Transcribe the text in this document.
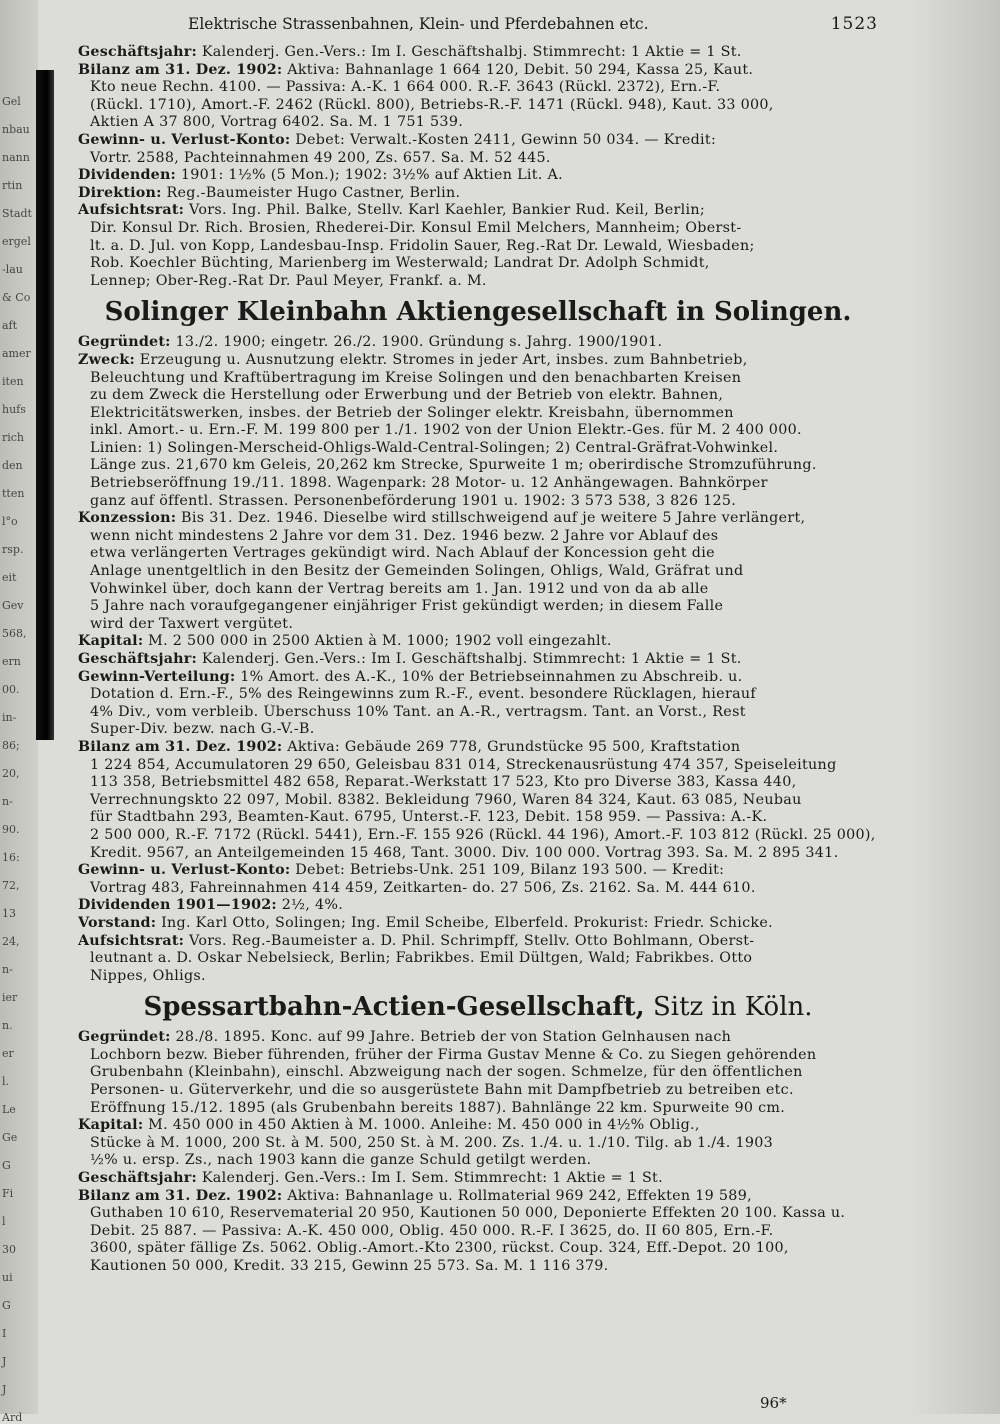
Gel
nbau
nann
rtin
Stadt
ergel
-lau
& Co
aft
amer
iten
hufs
rich
den
tten
l°o
rsp.
eit
Gev
568,
ern
00.
in-
86;
20,
n-
90.
16:
72,
13
24,
n-
ier
n.
er
l.
Le
Ge
G
Fi
l
30
ui
G
I
J
J
Ard
Elektrische Strassenbahnen, Klein- und Pferdebahnen etc.	1523
Geschäftsjahr: Kalenderj. Gen.-Vers.: Im I. Geschäftshalbj. Stimmrecht: 1 Aktie = 1 St.
Bilanz am 31. Dez. 1902: Aktiva: Bahnanlage 1 664 120, Debit. 50 294, Kassa 25, Kaut.
Kto neue Rechn. 4100. — Passiva: A.-K. 1 664 000. R.-F. 3643 (Rückl. 2372), Ern.-F.
(Rückl. 1710), Amort.-F. 2462 (Rückl. 800), Betriebs-R.-F. 1471 (Rückl. 948), Kaut. 33 000,
Aktien A 37 800, Vortrag 6402. Sa. M. 1 751 539.
Gewinn- u. Verlust-Konto: Debet: Verwalt.-Kosten 2411, Gewinn 50 034. — Kredit:
Vortr. 2588, Pachteinnahmen 49 200, Zs. 657. Sa. M. 52 445.
Dividenden: 1901: 1½% (5 Mon.); 1902: 3½% auf Aktien Lit. A.
Direktion: Reg.-Baumeister Hugo Castner, Berlin.
Aufsichtsrat: Vors. Ing. Phil. Balke, Stellv. Karl Kaehler, Bankier Rud. Keil, Berlin;
Dir. Konsul Dr. Rich. Brosien, Rhederei-Dir. Konsul Emil Melchers, Mannheim; Oberst-
lt. a. D. Jul. von Kopp, Landesbau-Insp. Fridolin Sauer, Reg.-Rat Dr. Lewald, Wiesbaden;
Rob. Koechler Büchting, Marienberg im Westerwald; Landrat Dr. Adolph Schmidt,
Lennep; Ober-Reg.-Rat Dr. Paul Meyer, Frankf. a. M.
Solinger Kleinbahn Aktiengesellschaft in Solingen.
Gegründet: 13./2. 1900; eingetr. 26./2. 1900. Gründung s. Jahrg. 1900/1901.
Zweck: Erzeugung u. Ausnutzung elektr. Stromes in jeder Art, insbes. zum Bahnbetrieb,
Beleuchtung und Kraftübertragung im Kreise Solingen und den benachbarten Kreisen
zu dem Zweck die Herstellung oder Erwerbung und der Betrieb von elektr. Bahnen,
Elektricitätswerken, insbes. der Betrieb der Solinger elektr. Kreisbahn, übernommen
inkl. Amort.- u. Ern.-F. M. 199 800 per 1./1. 1902 von der Union Elektr.-Ges. für M. 2 400 000.
Linien: 1) Solingen-Merscheid-Ohligs-Wald-Central-Solingen; 2) Central-Gräfrat-Vohwinkel.
Länge zus. 21,670 km Geleis, 20,262 km Strecke, Spurweite 1 m; oberirdische Stromzuführung.
Betriebseröffnung 19./11. 1898. Wagenpark: 28 Motor- u. 12 Anhängewagen. Bahnkörper
ganz auf öffentl. Strassen. Personenbeförderung 1901 u. 1902: 3 573 538, 3 826 125.
Konzession: Bis 31. Dez. 1946. Dieselbe wird stillschweigend auf je weitere 5 Jahre verlängert,
wenn nicht mindestens 2 Jahre vor dem 31. Dez. 1946 bezw. 2 Jahre vor Ablauf des
etwa verlängerten Vertrages gekündigt wird. Nach Ablauf der Koncession geht die
Anlage unentgeltlich in den Besitz der Gemeinden Solingen, Ohligs, Wald, Gräfrat und
Vohwinkel über, doch kann der Vertrag bereits am 1. Jan. 1912 und von da ab alle
5 Jahre nach voraufgegangener einjähriger Frist gekündigt werden; in diesem Falle
wird der Taxwert vergütet.
Kapital: M. 2 500 000 in 2500 Aktien à M. 1000; 1902 voll eingezahlt.
Geschäftsjahr: Kalenderj. Gen.-Vers.: Im I. Geschäftshalbj. Stimmrecht: 1 Aktie = 1 St.
Gewinn-Verteilung: 1% Amort. des A.-K., 10% der Betriebseinnahmen zu Abschreib. u.
Dotation d. Ern.-F., 5% des Reingewinns zum R.-F., event. besondere Rücklagen, hierauf
4% Div., vom verbleib. Überschuss 10% Tant. an A.-R., vertragsm. Tant. an Vorst., Rest
Super-Div. bezw. nach G.-V.-B.
Bilanz am 31. Dez. 1902: Aktiva: Gebäude 269 778, Grundstücke 95 500, Kraftstation
1 224 854, Accumulatoren 29 650, Geleisbau 831 014, Streckenausrüstung 474 357, Speiseleitung
113 358, Betriebsmittel 482 658, Reparat.-Werkstatt 17 523, Kto pro Diverse 383, Kassa 440,
Verrechnungskto 22 097, Mobil. 8382. Bekleidung 7960, Waren 84 324, Kaut. 63 085, Neubau
für Stadtbahn 293, Beamten-Kaut. 6795, Unterst.-F. 123, Debit. 158 959. — Passiva: A.-K.
2 500 000, R.-F. 7172 (Rückl. 5441), Ern.-F. 155 926 (Rückl. 44 196), Amort.-F. 103 812 (Rückl. 25 000),
Kredit. 9567, an Anteilgemeinden 15 468, Tant. 3000. Div. 100 000. Vortrag 393. Sa. M. 2 895 341.
Gewinn- u. Verlust-Konto: Debet: Betriebs-Unk. 251 109, Bilanz 193 500. — Kredit:
Vortrag 483, Fahreinnahmen 414 459, Zeitkarten- do. 27 506, Zs. 2162. Sa. M. 444 610.
Dividenden 1901—1902: 2½, 4%.
Vorstand: Ing. Karl Otto, Solingen; Ing. Emil Scheibe, Elberfeld. Prokurist: Friedr. Schicke.
Aufsichtsrat: Vors. Reg.-Baumeister a. D. Phil. Schrimpff, Stellv. Otto Bohlmann, Oberst-
leutnant a. D. Oskar Nebelsieck, Berlin; Fabrikbes. Emil Dültgen, Wald; Fabrikbes. Otto
Nippes, Ohligs.
Spessartbahn-Actien-Gesellschaft, Sitz in Köln.
Gegründet: 28./8. 1895. Konc. auf 99 Jahre. Betrieb der von Station Gelnhausen nach
Lochborn bezw. Bieber führenden, früher der Firma Gustav Menne & Co. zu Siegen gehörenden
Grubenbahn (Kleinbahn), einschl. Abzweigung nach der sogen. Schmelze, für den öffentlichen
Personen- u. Güterverkehr, und die so ausgerüstete Bahn mit Dampfbetrieb zu betreiben etc.
Eröffnung 15./12. 1895 (als Grubenbahn bereits 1887). Bahnlänge 22 km. Spurweite 90 cm.
Kapital: M. 450 000 in 450 Aktien à M. 1000. Anleihe: M. 450 000 in 4½% Oblig.,
Stücke à M. 1000, 200 St. à M. 500, 250 St. à M. 200. Zs. 1./4. u. 1./10. Tilg. ab 1./4. 1903
½% u. ersp. Zs., nach 1903 kann die ganze Schuld getilgt werden.
Geschäftsjahr: Kalenderj. Gen.-Vers.: Im I. Sem. Stimmrecht: 1 Aktie = 1 St.
Bilanz am 31. Dez. 1902: Aktiva: Bahnanlage u. Rollmaterial 969 242, Effekten 19 589,
Guthaben 10 610, Reservematerial 20 950, Kautionen 50 000, Deponierte Effekten 20 100. Kassa u.
Debit. 25 887. — Passiva: A.-K. 450 000, Oblig. 450 000. R.-F. I 3625, do. II 60 805, Ern.-F.
3600, später fällige Zs. 5062. Oblig.-Amort.-Kto 2300, rückst. Coup. 324, Eff.-Depot. 20 100,
Kautionen 50 000, Kredit. 33 215, Gewinn 25 573. Sa. M. 1 116 379.
96*
